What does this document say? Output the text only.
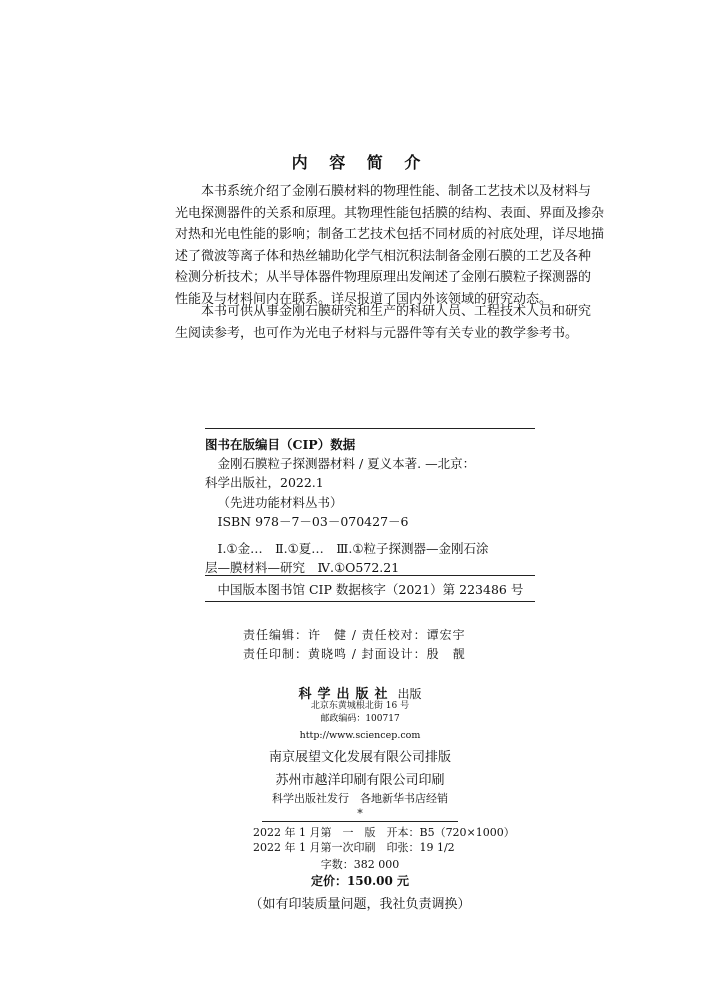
内 容 简 介
本书系统介绍了金刚石膜材料的物理性能、制备工艺技术以及材料与
光电探测器件的关系和原理。其物理性能包括膜的结构、表面、界面及掺杂
对热和光电性能的影响；制备工艺技术包括不同材质的衬底处理，详尽地描
述了微波等离子体和热丝辅助化学气相沉积法制备金刚石膜的工艺及各种
检测分析技术；从半导体器件物理原理出发阐述了金刚石膜粒子探测器的
性能及与材料间内在联系。详尽报道了国内外该领域的研究动态。
本书可供从事金刚石膜研究和生产的科研人员、工程技术人员和研究
生阅读参考，也可作为光电子材料与元器件等有关专业的教学参考书。
图书在版编目（CIP）数据
金刚石膜粒子探测器材料 / 夏义本著. —北京：
科学出版社，2022.1
（先进功能材料丛书）
ISBN 978－7－03－070427－6
Ⅰ.①金…　Ⅱ.①夏…　Ⅲ.①粒子探测器—金刚石涂
层—膜材料—研究　Ⅳ.①O572.21
中国版本图书馆 CIP 数据核字（2021）第 223486 号
责任编辑：许　健 / 责任校对：谭宏宇
责任印制：黄晓鸣 / 封面设计：殷　靓
科学出版社 出版
北京东黄城根北街 16 号
邮政编码：100717
http://www.sciencep.com
南京展望文化发展有限公司排版
苏州市越洋印刷有限公司印刷
科学出版社发行　各地新华书店经销
*
2022 年 1 月第　一　版　开本：B5（720×1000）
2022 年 1 月第一次印刷　印张：19 1/2
字数：382 000
定价：150.00 元
（如有印装质量问题，我社负责调换）
